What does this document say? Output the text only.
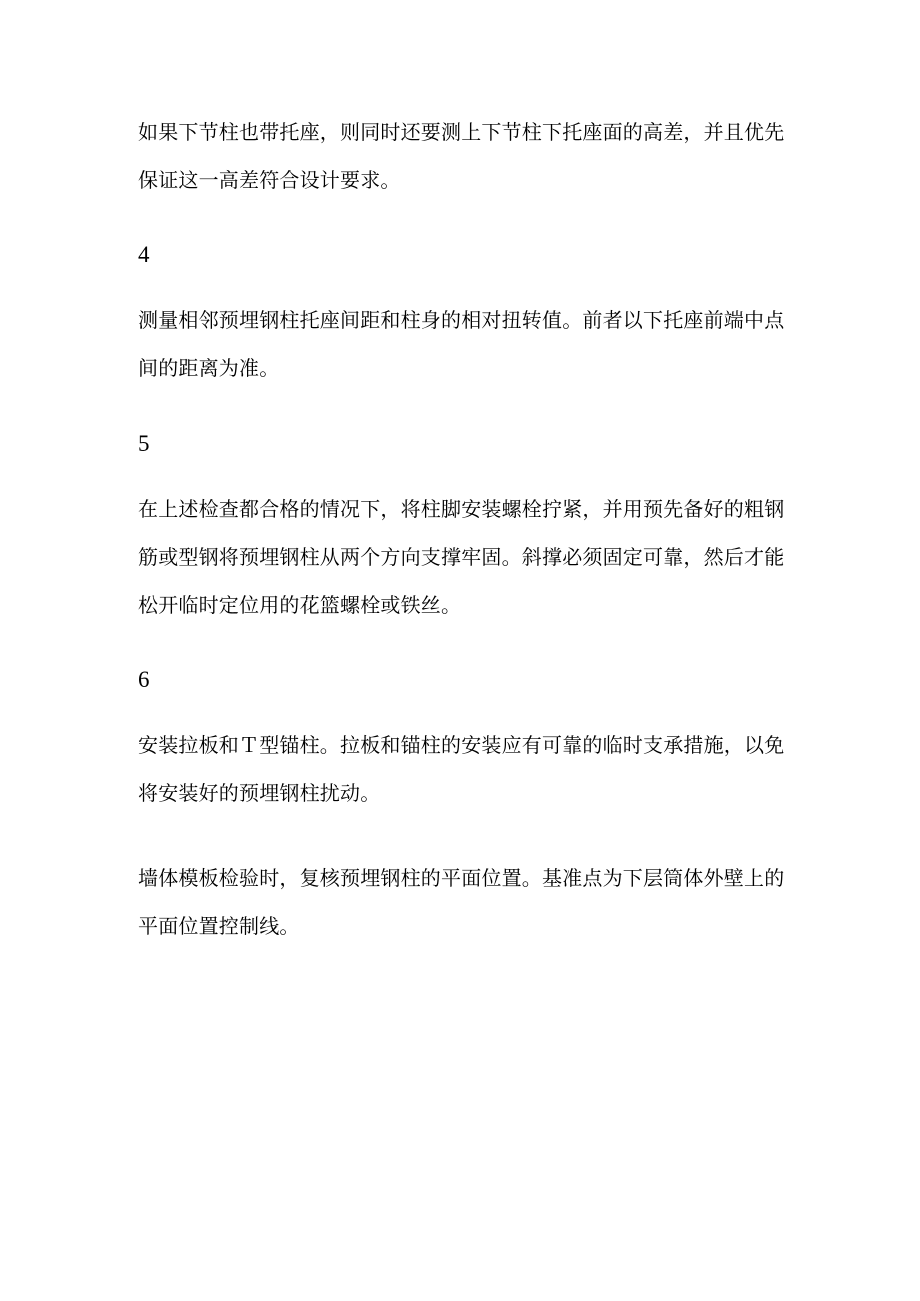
如果下节柱也带托座，则同时还要测上下节柱下托座面的高差，并且优先保证这一高差符合设计要求。

4

测量相邻预埋钢柱托座间距和柱身的相对扭转值。前者以下托座前端中点间的距离为准。

5

在上述检查都合格的情况下，将柱脚安装螺栓拧紧，并用预先备好的粗钢筋或型钢将预埋钢柱从两个方向支撑牢固。斜撑必须固定可靠，然后才能松开临时定位用的花篮螺栓或铁丝。

6

安装拉板和Ｔ型锚柱。拉板和锚柱的安装应有可靠的临时支承措施，以免将安装好的预埋钢柱扰动。

墙体模板检验时，复核预埋钢柱的平面位置。基准点为下层筒体外壁上的平面位置控制线。
